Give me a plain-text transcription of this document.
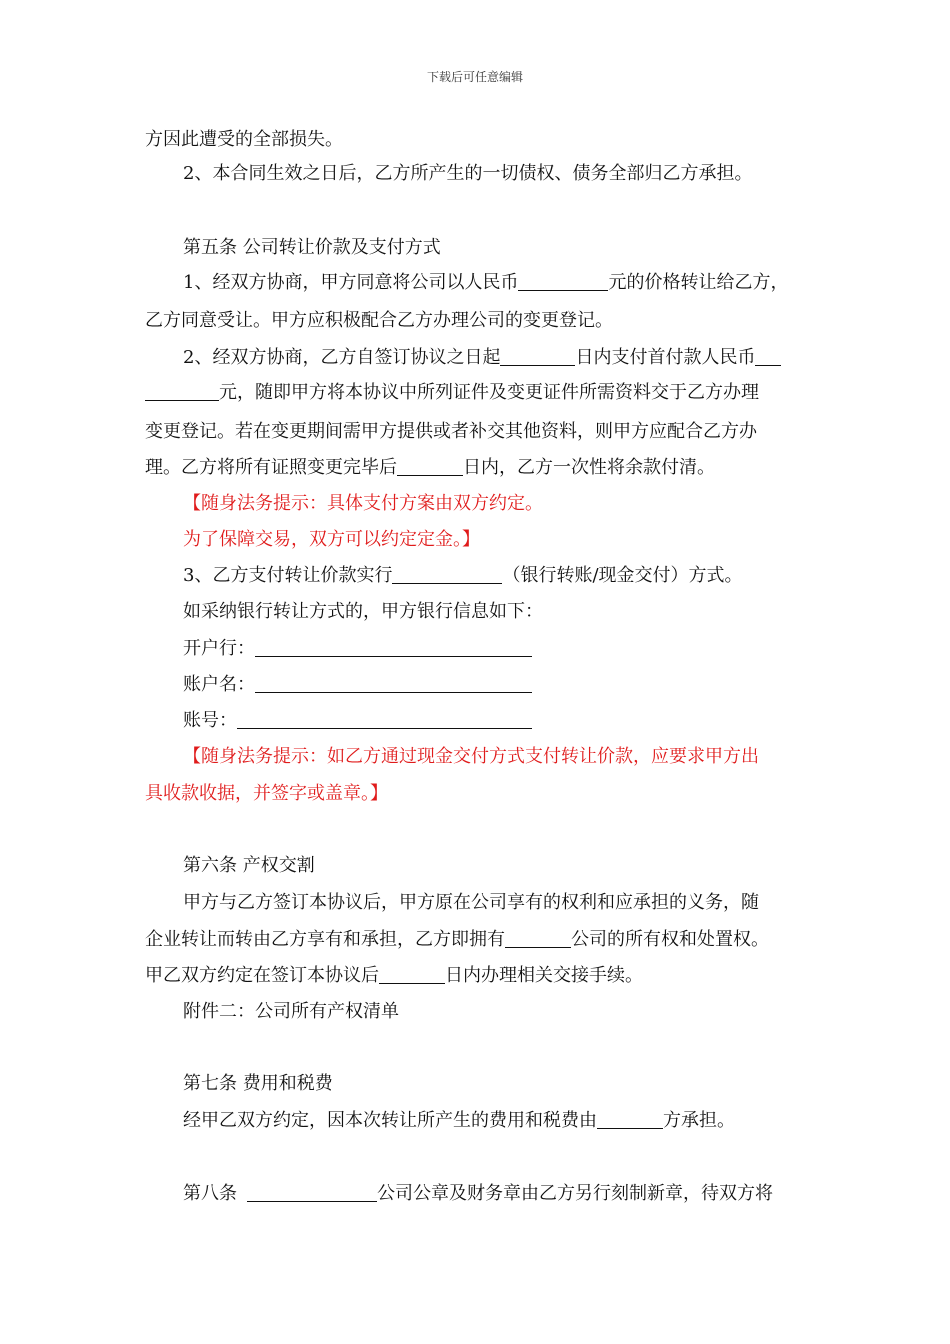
下载后可任意编辑
方因此遭受的全部损失。
2、本合同生效之日后，乙方所产生的一切债权、债务全部归乙方承担。
第五条 公司转让价款及支付方式
1、经双方协商，甲方同意将公司以人民币	元的价格转让给乙方，
乙方同意受让。甲方应积极配合乙方办理公司的变更登记。
2、经双方协商，乙方自签订协议之日起	日内支付首付款人民币
元，随即甲方将本协议中所列证件及变更证件所需资料交于乙方办理
变更登记。若在变更期间需甲方提供或者补交其他资料，则甲方应配合乙方办
理。乙方将所有证照变更完毕后	日内，乙方一次性将余款付清。
【随身法务提示：具体支付方案由双方约定。
为了保障交易，双方可以约定定金。】
3、乙方支付转让价款实行	（银行转账/现金交付）方式。
如采纳银行转让方式的，甲方银行信息如下：
开户行：
账户名：
账号：
【随身法务提示：如乙方通过现金交付方式支付转让价款，应要求甲方出
具收款收据，并签字或盖章。】
第六条 产权交割
甲方与乙方签订本协议后，甲方原在公司享有的权利和应承担的义务，随
企业转让而转由乙方享有和承担，乙方即拥有	公司的所有权和处置权。
甲乙双方约定在签订本协议后	日内办理相关交接手续。
附件二：公司所有产权清单
第七条 费用和税费
经甲乙双方约定，因本次转让所产生的费用和税费由	方承担。
第八条	公司公章及财务章由乙方另行刻制新章，待双方将
